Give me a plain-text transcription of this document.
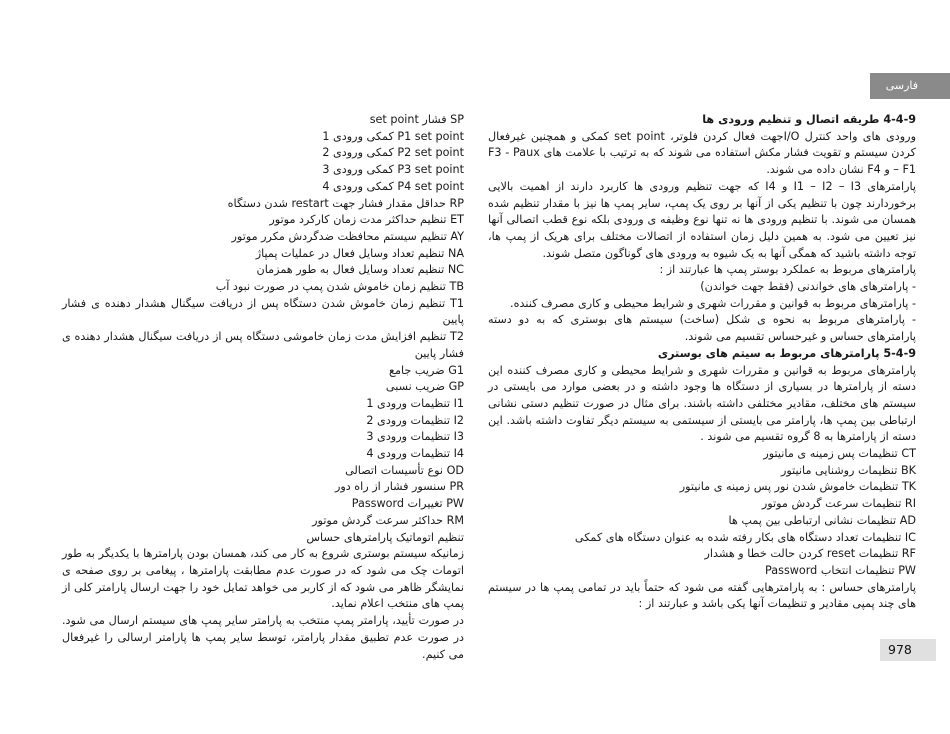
فارسی
4-4-9 طریقه اتصال و تنظیم ورودی ها

ورودی های واحد کنترل I/Oجهت فعال کردن فلوتر، set point کمکی و همچنین غیرفعال کردن سیستم و تقویت فشار مکش استفاده می شوند که به ترتیب با علامت های F3 - Paux – F1 و F4 نشان داده می شوند.

پارامترهای I1 – I2 – I3 و I4 که جهت تنظیم ورودی ها کاربرد دارند از اهمیت بالایی برخوردارند چون با تنظیم یکی از آنها بر روی یک پمپ، سایر پمپ ها نیز با مقدار تنظیم شده همسان می شوند. با تنظیم ورودی ها نه تنها نوع وظیفه ی ورودی بلکه نوع قطب اتصالی آنها نیز تعیین می شود. به همین دلیل زمان استفاده از اتصالات مختلف برای هریک از پمپ ها، توجه داشته باشید که همگی آنها به یک شیوه به ورودی های گوناگون متصل شوند.

پارامترهای مربوط به عملکرد بوستر پمپ ها عبارتند از :

- پارامترهای های خواندنی (فقط جهت خواندن)

- پارامترهای مربوط به قوانین و مقررات شهری و شرایط محیطی و کاری مصرف کننده.

- پارامترهای مربوط به نحوه ی شکل (ساخت) سیستم های بوستری که به دو دسته پارامترهای حساس و غیرحساس تقسیم می شوند.

5-4-9 پارامترهای مربوط به سیتم های بوستری

پارامترهای مربوط به قوانین و مقررات شهری و شرایط محیطی و کاری مصرف کننده این دسته از پارامترها در بسیاری از دستگاه ها وجود داشته و در بعضی موارد می بایستی در سیستم های مختلف، مقادیر مختلفی داشته باشند. برای مثال در صورت تنظیم دستی نشانی ارتباطی بین پمپ ها، پارامتر می بایستی از سیستمی به سیستم دیگر تفاوت داشته باشد. این دسته از پارامترها به 8 گروه تقسیم می شوند .

CT تنظیمات پس زمینه ی مانیتور
BK تنظیمات روشنایی مانیتور
TK تنظیمات خاموش شدن نور پس زمینه ی مانیتور
RI تنظیمات سرعت گردش موتور
AD تنظیمات نشانی ارتباطی بین پمپ ها
IC تنظیمات تعداد دستگاه های بکار رفته شده به عنوان دستگاه های کمکی
RF تنظیمات reset کردن حالت خطا و هشدار
PW تنظیمات انتخاب Password

پارامترهای حساس : به پارامترهایی گفته می شود که حتماً باید در تمامی پمپ ها در سیستم های چند پمپی مقادیر و تنظیمات آنها یکی باشد و عبارتند از :

SP فشار set point
P1 set point کمکی ورودی 1
P2 set point کمکی ورودی 2
P3 set point کمکی ورودی 3
P4 set point کمکی ورودی 4
RP حداقل مقدار فشار جهت restart شدن دستگاه
ET تنظیم حداکثر مدت زمان کارکرد موتور
AY تنظیم سیستم محافظت ضدگردش مکرر موتور
NA تنظیم تعداد وسایل فعال در عملیات پمپاژ
NC تنظیم تعداد وسایل فعال به طور همزمان
TB تنظیم زمان خاموش شدن پمپ در صورت نبود آب

T1 تنظیم زمان خاموش شدن دستگاه پس از دریافت سیگنال هشدار دهنده ی فشار پایین

T2 تنظیم افزایش مدت زمان خاموشی دستگاه پس از دریافت سیگنال هشدار دهنده ی فشار پایین

G1 ضریب جامع
GP ضریب نسبی
I1 تنظیمات ورودی 1
I2 تنظیمات ورودی 2
I3 تنظیمات ورودی 3
I4 تنظیمات ورودی 4
OD نوع تأسیسات اتصالی
PR سنسور فشار از راه دور
PW تغییرات Password
RM حداکثر سرعت گردش موتور

تنظیم اتوماتیک پارامترهای حساس

زمانیکه سیستم بوستری شروع به کار می کند، همسان بودن پارامترها با یکدیگر به طور اتومات چک می شود که در صورت عدم مطابقت پارامترها ، پیغامی بر روی صفحه ی نمایشگر ظاهر می شود که از کاربر می خواهد تمایل خود را جهت ارسال پارامتر کلی از پمپ های منتخب اعلام نماید.

در صورت تأیید، پارامتر پمپ منتخب به پارامتر سایر پمپ های سیستم ارسال می شود. در صورت عدم تطبیق مقدار پارامتر، توسط سایر پمپ ها پارامتر ارسالی را غیرفعال می کنیم.	978
